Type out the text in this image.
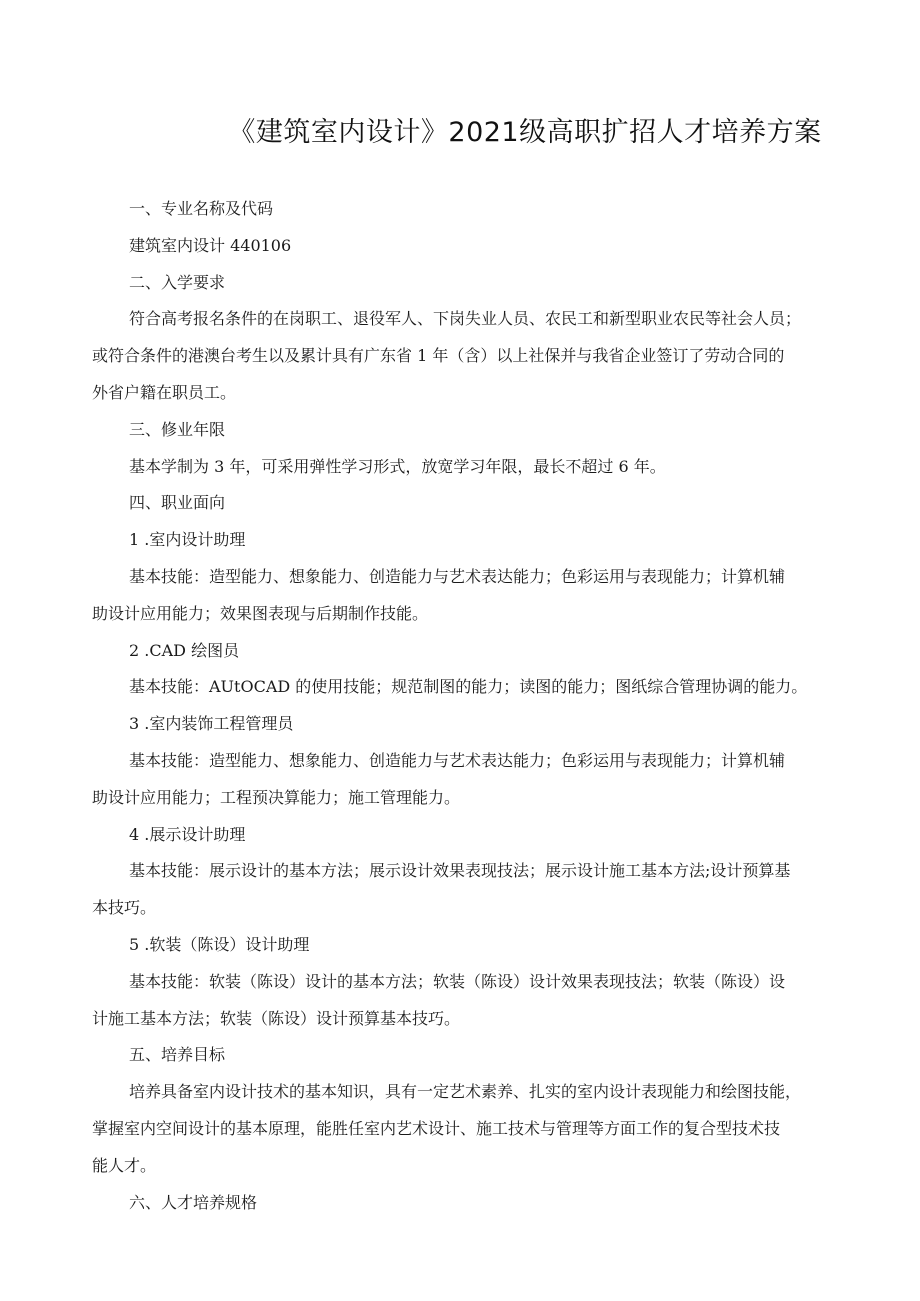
《建筑室内设计》2021级高职扩招人才培养方案
一、专业名称及代码
建筑室内设计 440106
二、入学要求
符合高考报名条件的在岗职工、退役军人、下岗失业人员、农民工和新型职业农民等社会人员；
或符合条件的港澳台考生以及累计具有广东省 1 年（含）以上社保并与我省企业签订了劳动合同的
外省户籍在职员工。
三、修业年限
基本学制为 3 年，可采用弹性学习形式，放宽学习年限，最长不超过 6 年。
四、职业面向
1 .室内设计助理
基本技能：造型能力、想象能力、创造能力与艺术表达能力；色彩运用与表现能力；计算机辅
助设计应用能力；效果图表现与后期制作技能。
2 .CAD 绘图员
基本技能：AUtOCAD 的使用技能；规范制图的能力；读图的能力；图纸综合管理协调的能力。
3 .室内装饰工程管理员
基本技能：造型能力、想象能力、创造能力与艺术表达能力；色彩运用与表现能力；计算机辅
助设计应用能力；工程预决算能力；施工管理能力。
4 .展示设计助理
基本技能：展示设计的基本方法；展示设计效果表现技法；展示设计施工基本方法;设计预算基
本技巧。
5 .软装（陈设）设计助理
基本技能：软装（陈设）设计的基本方法；软装（陈设）设计效果表现技法；软装（陈设）设
计施工基本方法；软装（陈设）设计预算基本技巧。
五、培养目标
培养具备室内设计技术的基本知识，具有一定艺术素养、扎实的室内设计表现能力和绘图技能，
掌握室内空间设计的基本原理，能胜任室内艺术设计、施工技术与管理等方面工作的复合型技术技
能人才。
六、人才培养规格
